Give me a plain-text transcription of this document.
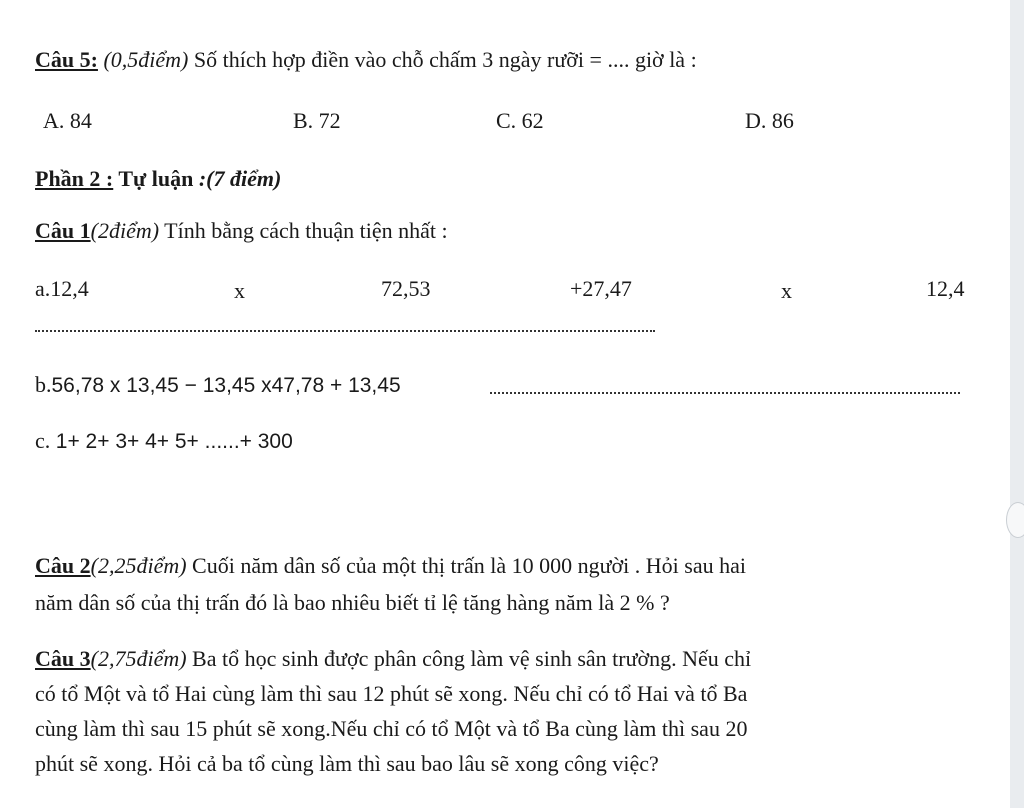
Câu 5: (0,5điểm) Số thích hợp điền vào chỗ chấm 3 ngày rưỡi = .... giờ là :
A. 84	B. 72	C. 62	D. 86
Phần 2 : Tự luận :(7 điểm)
Câu 1(2điểm) Tính bằng cách thuận tiện nhất :
a.12,4	x	72,53	+27,47	x	12,4
b.56,78 x 13,45 − 13,45 x47,78 + 13,45
c. 1+ 2+ 3+ 4+ 5+ ......+ 300
Câu 2(2,25điểm) Cuối năm dân số của một thị trấn là 10 000 người . Hỏi sau hai
năm dân số của thị trấn đó là bao nhiêu biết tỉ lệ tăng hàng năm là 2 % ?
Câu 3(2,75điểm) Ba tổ học sinh được phân công làm vệ sinh sân trường. Nếu chỉ
có tổ Một và tổ Hai cùng làm thì sau 12 phút sẽ xong. Nếu chỉ có tổ Hai và tổ Ba
cùng làm thì sau 15 phút sẽ xong.Nếu chỉ có tổ Một và tổ Ba cùng làm thì sau 20
phút sẽ xong. Hỏi cả ba tổ cùng làm thì sau bao lâu sẽ xong công việc?
